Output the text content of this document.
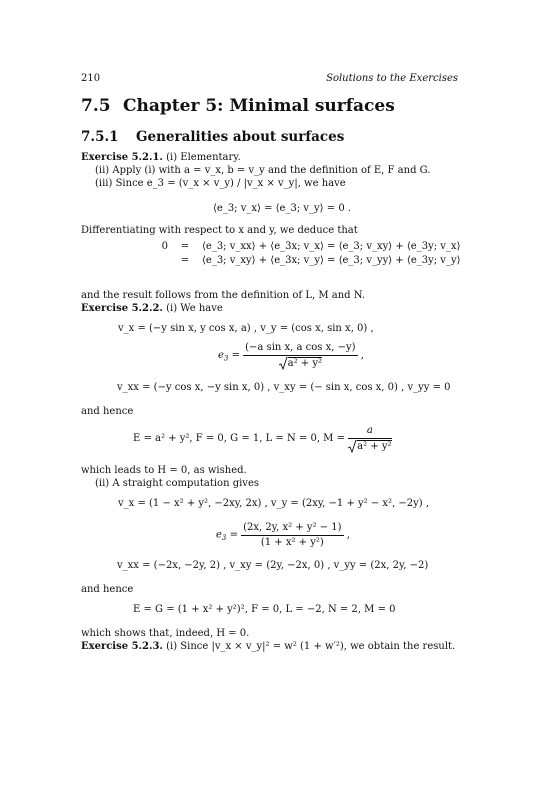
210	Solutions to the Exercises
7.5 Chapter 5: Minimal surfaces
7.5.1 Generalities about surfaces
Exercise 5.2.1. (i) Elementary.
(ii) Apply (i) with a = v_x, b = v_y and the definition of E, F and G.
(iii) Since e_3 = (v_x × v_y) / |v_x × v_y|, we have
⟨e_3; v_x⟩ = ⟨e_3; v_y⟩ = 0 .
Differentiating with respect to x and y, we deduce that
0	=	⟨e_3; v_xx⟩ + ⟨e_3x; v_x⟩ = ⟨e_3; v_xy⟩ + ⟨e_3y; v_x⟩
	=	⟨e_3; v_xy⟩ + ⟨e_3x; v_y⟩ = ⟨e_3; v_yy⟩ + ⟨e_3y; v_y⟩
and the result follows from the definition of L, M and N.
Exercise 5.2.2. (i) We have
v_x = (−y sin x, y cos x, a) , v_y = (cos x, sin x, 0) ,
$e_3 = \frac{\text{(−a sin x, a cos x, −y)}}{\text{a² + y²}}$ ,
v_xx = (−y cos x, −y sin x, 0) , v_xy = (− sin x, cos x, 0) , v_yy = 0
and hence
E = a² + y², F = 0, G = 1, L = N = 0, $M = \frac{a}{\text{a² + y²}}$
which leads to H = 0, as wished.
(ii) A straight computation gives
v_x = (1 − x² + y², −2xy, 2x) , v_y = (2xy, −1 + y² − x², −2y) ,
$e_3 = \frac{\text{(2x, 2y, x² + y² − 1)}}{\text{(1 + x² + y²)}}$ ,
v_xx = (−2x, −2y, 2) , v_xy = (2y, −2x, 0) , v_yy = (2x, 2y, −2)
and hence
E = G = (1 + x² + y²)², F = 0, L = −2, N = 2, M = 0
which shows that, indeed, H = 0.
Exercise 5.2.3. (i) Since |v_x × v_y|² = w² (1 + w′²), we obtain the result.
